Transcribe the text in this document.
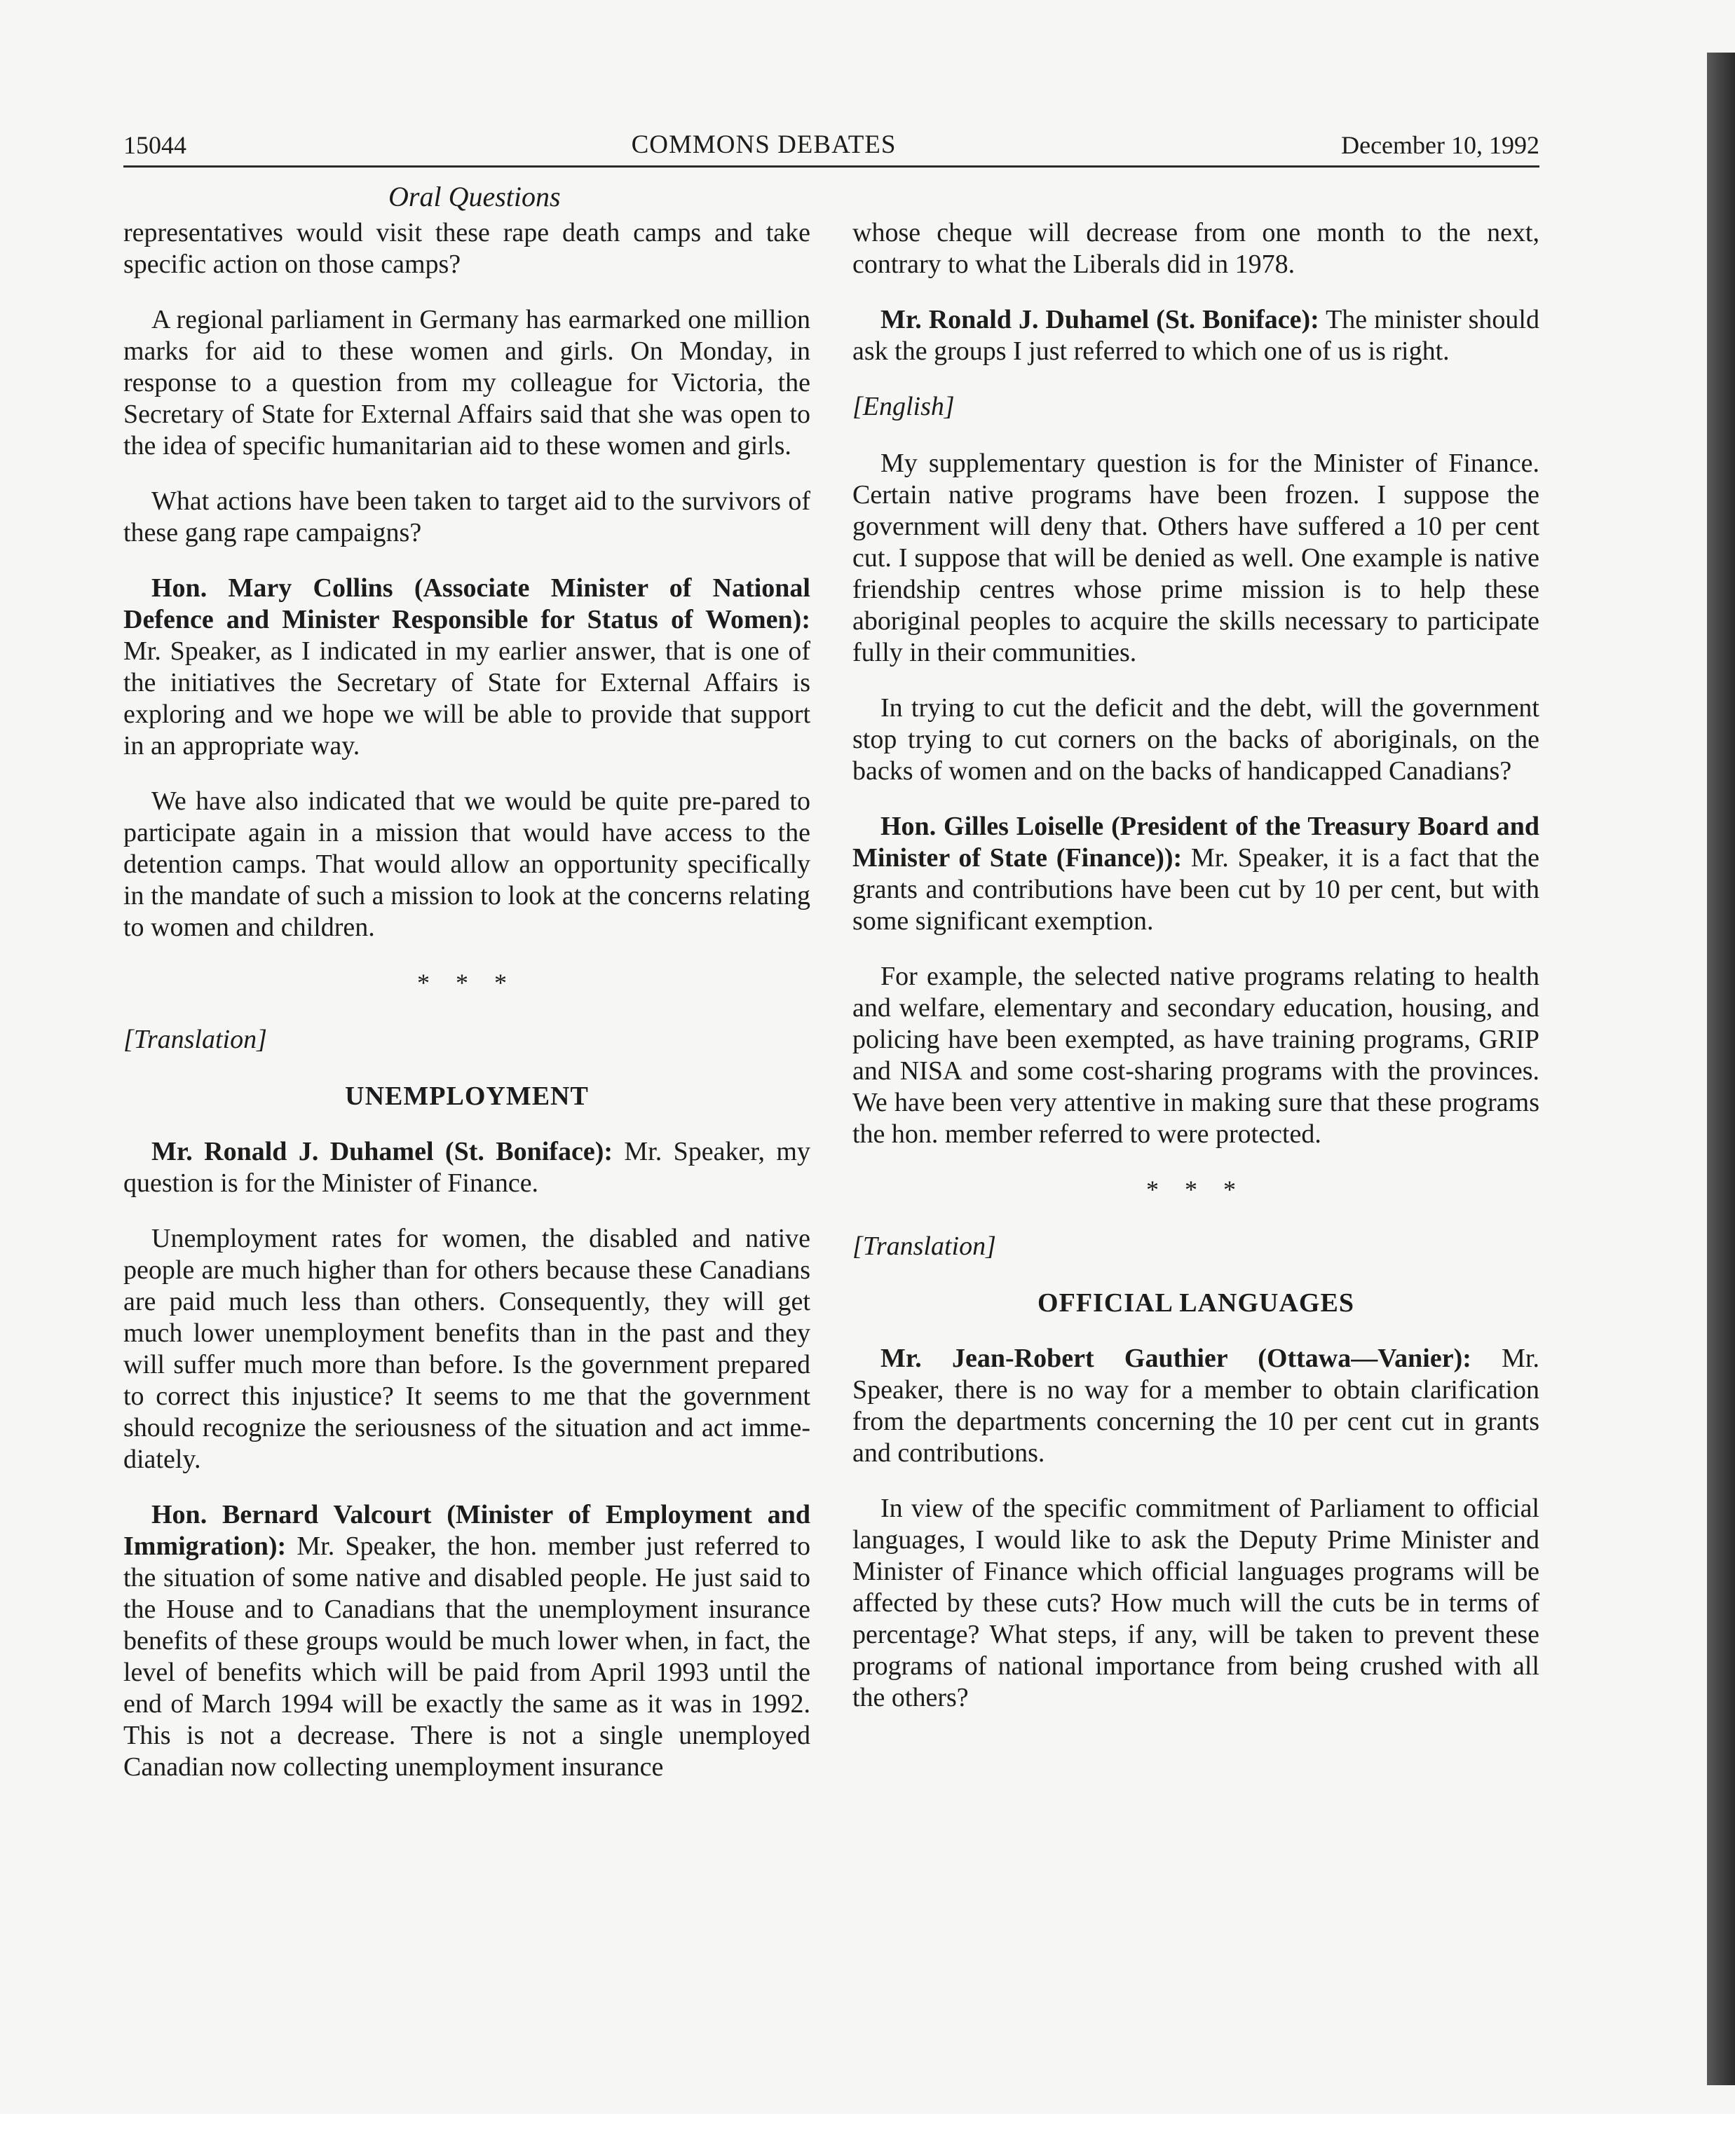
15044	COMMONS DEBATES	December 10, 1992
Oral Questions

representatives would visit these rape death camps and take specific action on those camps?

A regional parliament in Germany has earmarked one million marks for aid to these women and girls. On Monday, in response to a question from my colleague for Victoria, the Secretary of State for External Affairs said that she was open to the idea of specific humanitarian aid to these women and girls.

What actions have been taken to target aid to the survivors of these gang rape campaigns?

Hon. Mary Collins (Associate Minister of National Defence and Minister Responsible for Status of Women): Mr. Speaker, as I indicated in my earlier answer, that is one of the initiatives the Secretary of State for External Affairs is exploring and we hope we will be able to provide that support in an appropriate way.

We have also indicated that we would be quite pre-pared to participate again in a mission that would have access to the detention camps. That would allow an opportunity specifically in the mandate of such a mission to look at the concerns relating to women and children.

* * *
[Translation]
UNEMPLOYMENT

Mr. Ronald J. Duhamel (St. Boniface): Mr. Speaker, my question is for the Minister of Finance.

Unemployment rates for women, the disabled and native people are much higher than for others because these Canadians are paid much less than others. Consequently, they will get much lower unemployment benefits than in the past and they will suffer much more than before. Is the government prepared to correct this injustice? It seems to me that the government should recognize the seriousness of the situation and act immediately.

Hon. Bernard Valcourt (Minister of Employment and Immigration): Mr. Speaker, the hon. member just referred to the situation of some native and disabled people. He just said to the House and to Canadians that the unemployment insurance benefits of these groups would be much lower when, in fact, the level of benefits which will be paid from April 1993 until the end of March 1994 will be exactly the same as it was in 1992. This is not a decrease. There is not a single unemployed Canadian now collecting unemployment insurance

whose cheque will decrease from one month to the next, contrary to what the Liberals did in 1978.

Mr. Ronald J. Duhamel (St. Boniface): The minister should ask the groups I just referred to which one of us is right.

[English]

My supplementary question is for the Minister of Finance. Certain native programs have been frozen. I suppose the government will deny that. Others have suffered a 10 per cent cut. I suppose that will be denied as well. One example is native friendship centres whose prime mission is to help these aboriginal peoples to acquire the skills necessary to participate fully in their communities.

In trying to cut the deficit and the debt, will the government stop trying to cut corners on the backs of aboriginals, on the backs of women and on the backs of handicapped Canadians?

Hon. Gilles Loiselle (President of the Treasury Board and Minister of State (Finance)): Mr. Speaker, it is a fact that the grants and contributions have been cut by 10 per cent, but with some significant exemption.

For example, the selected native programs relating to health and welfare, elementary and secondary education, housing, and policing have been exempted, as have training programs, GRIP and NISA and some cost-sharing programs with the provinces. We have been very attentive in making sure that these programs the hon. member referred to were protected.

* * *
[Translation]
OFFICIAL LANGUAGES

Mr. Jean-Robert Gauthier (Ottawa—Vanier): Mr. Speaker, there is no way for a member to obtain clarification from the departments concerning the 10 per cent cut in grants and contributions.

In view of the specific commitment of Parliament to official languages, I would like to ask the Deputy Prime Minister and Minister of Finance which official languages programs will be affected by these cuts? How much will the cuts be in terms of percentage? What steps, if any, will be taken to prevent these programs of national importance from being crushed with all the others?
